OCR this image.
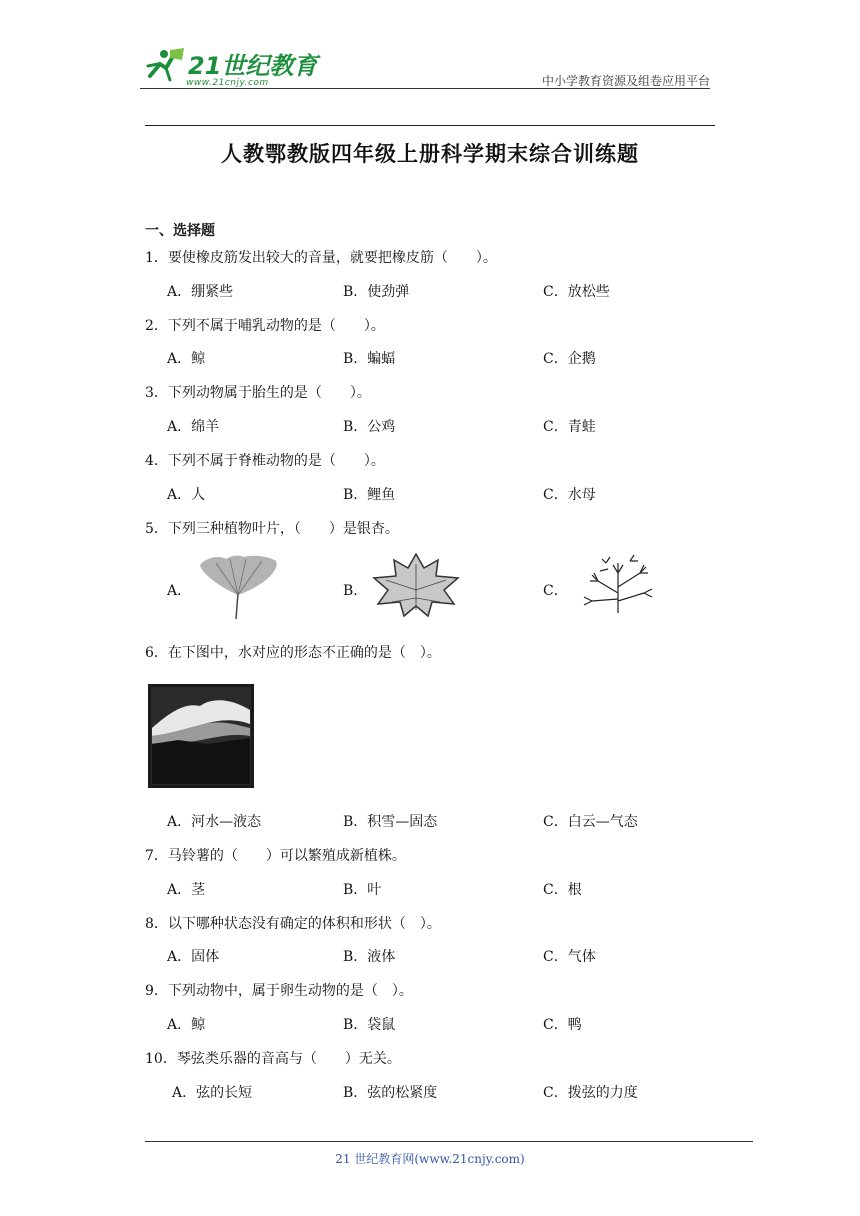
21世纪教育
www.21cnjy.com	中小学教育资源及组卷应用平台
人教鄂教版四年级上册科学期末综合训练题
一、选择题
1．要使橡皮筋发出较大的音量，就要把橡皮筋（　　）。
A．绷紧些	B．使劲弹	C．放松些
2．下列不属于哺乳动物的是（　　）。
A．鲸	B．蝙蝠	C．企鹅
3．下列动物属于胎生的是（　　）。
A．绵羊	B．公鸡	C．青蛙
4．下列不属于脊椎动物的是（　　）。
A．人	B．鲤鱼	C．水母
5．下列三种植物叶片，（　　）是银杏。
A．	B．	C．
6．在下图中，水对应的形态不正确的是（　）。
A．河水—液态	B．积雪—固态	C．白云—气态
7．马铃薯的（　　）可以繁殖成新植株。
A．茎	B．叶	C．根
8．以下哪种状态没有确定的体积和形状（　）。
A．固体	B．液体	C．气体
9．下列动物中，属于卵生动物的是（　）。
A．鲸	B．袋鼠	C．鸭
10．琴弦类乐器的音高与（　　）无关。
A．弦的长短	B．弦的松紧度	C．拨弦的力度
21 世纪教育网(www.21cnjy.com)
